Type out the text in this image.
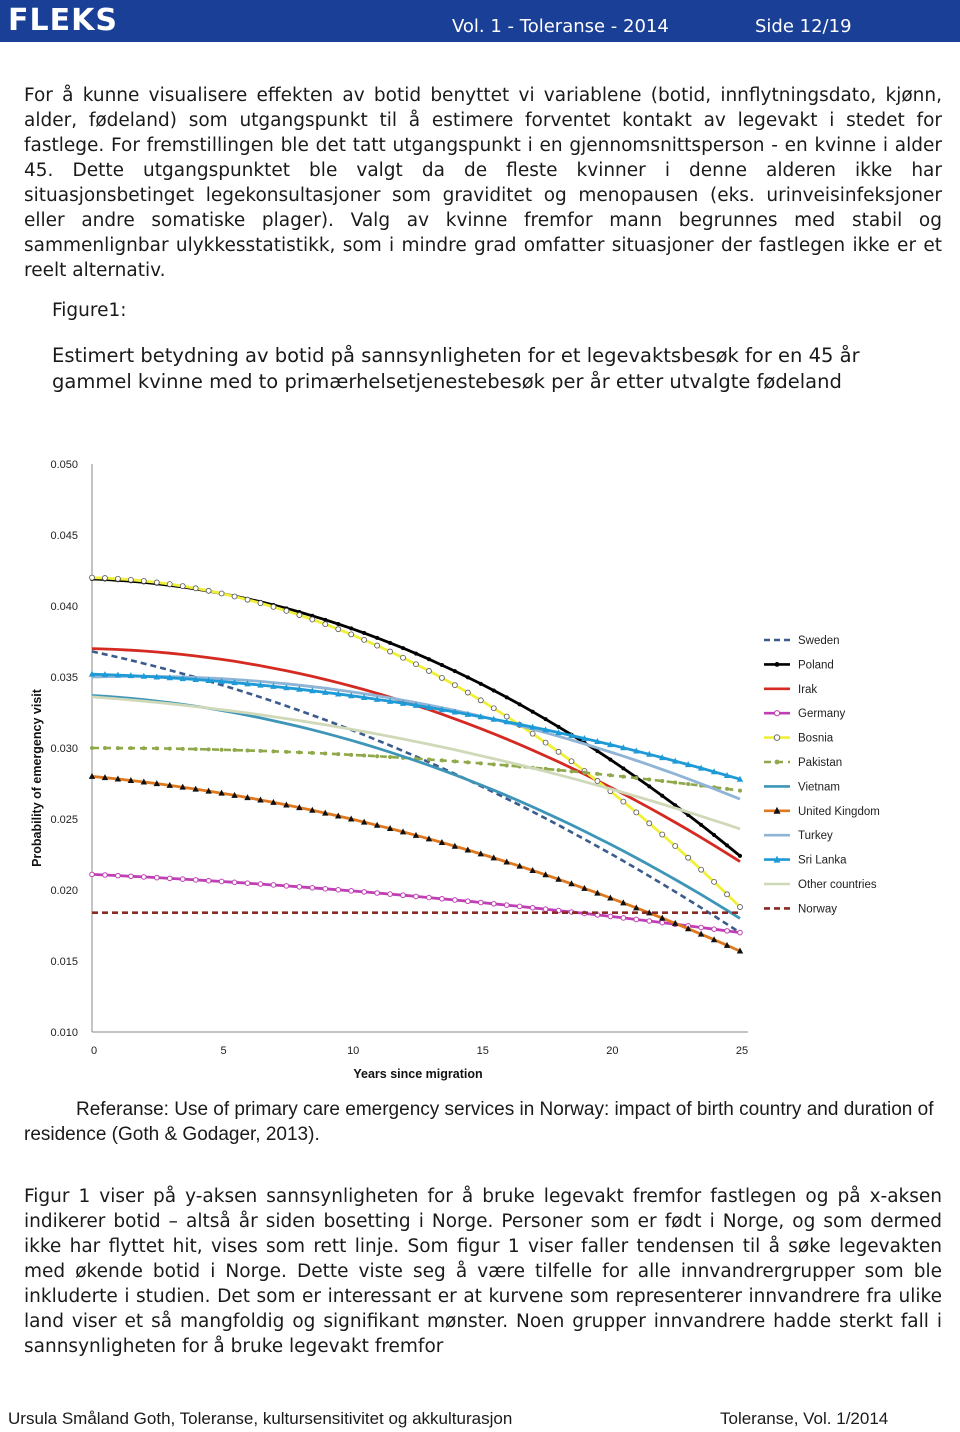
FLEKS	Vol. 1 - Toleranse - 2014	Side 12/19

For å kunne visualisere effekten av botid benyttet vi variablene (botid, innflytningsdato, kjønn, alder, fødeland) som utgangspunkt til å estimere forventet kontakt av legevakt i stedet for fastlege. For fremstillingen ble det tatt utgangspunkt i en gjennomsnittsperson - en kvinne i alder 45. Dette utgangspunktet ble valgt da de fleste kvinner i denne alderen ikke har situasjonsbetinget legekonsultasjoner som graviditet og menopausen (eks. urinveisinfeksjoner eller andre somatiske plager). Valg av kvinne fremfor mann begrunnes med stabil og sammenlignbar ulykkesstatistikk, som i mindre grad omfatter situasjoner der fastlegen ikke er et reelt alternativ.

Figure1:

Estimert betydning av botid på sannsynligheten for et legevaktsbesøk for en 45 år gammel kvinne med to primærhelsetjenestebesøk per år etter utvalgte fødeland

0.010
0.015
0.020
0.025
0.030
0.035
0.040
0.045
0.050
0	5	10	15	20	25
Sweden
Poland
Irak
Germany
Bosnia
Pakistan
Vietnam
United Kingdom
Turkey
Sri Lanka
Other countries
Norway
Years since migration
Probability of emergency visit

Referanse: Use of primary care emergency services in Norway: impact of birth country and duration of residence (Goth & Godager, 2013).

Figur 1 viser på y-aksen sannsynligheten for å bruke legevakt fremfor fastlegen og på x-aksen indikerer botid – altså år siden bosetting i Norge. Personer som er født i Norge, og som dermed ikke har flyttet hit, vises som rett linje. Som figur 1 viser faller tendensen til å søke legevakten med økende botid i Norge. Dette viste seg å være tilfelle for alle innvandrergrupper som ble inkluderte i studien. Det som er interessant er at kurvene som representerer innvandrere fra ulike land viser et så mangfoldig og signifikant mønster. Noen grupper innvandrere hadde sterkt fall i sannsynligheten for å bruke legevakt fremfor

Ursula Småland Goth, Toleranse, kultursensitivitet og akkulturasjon	Toleranse, Vol. 1/2014
